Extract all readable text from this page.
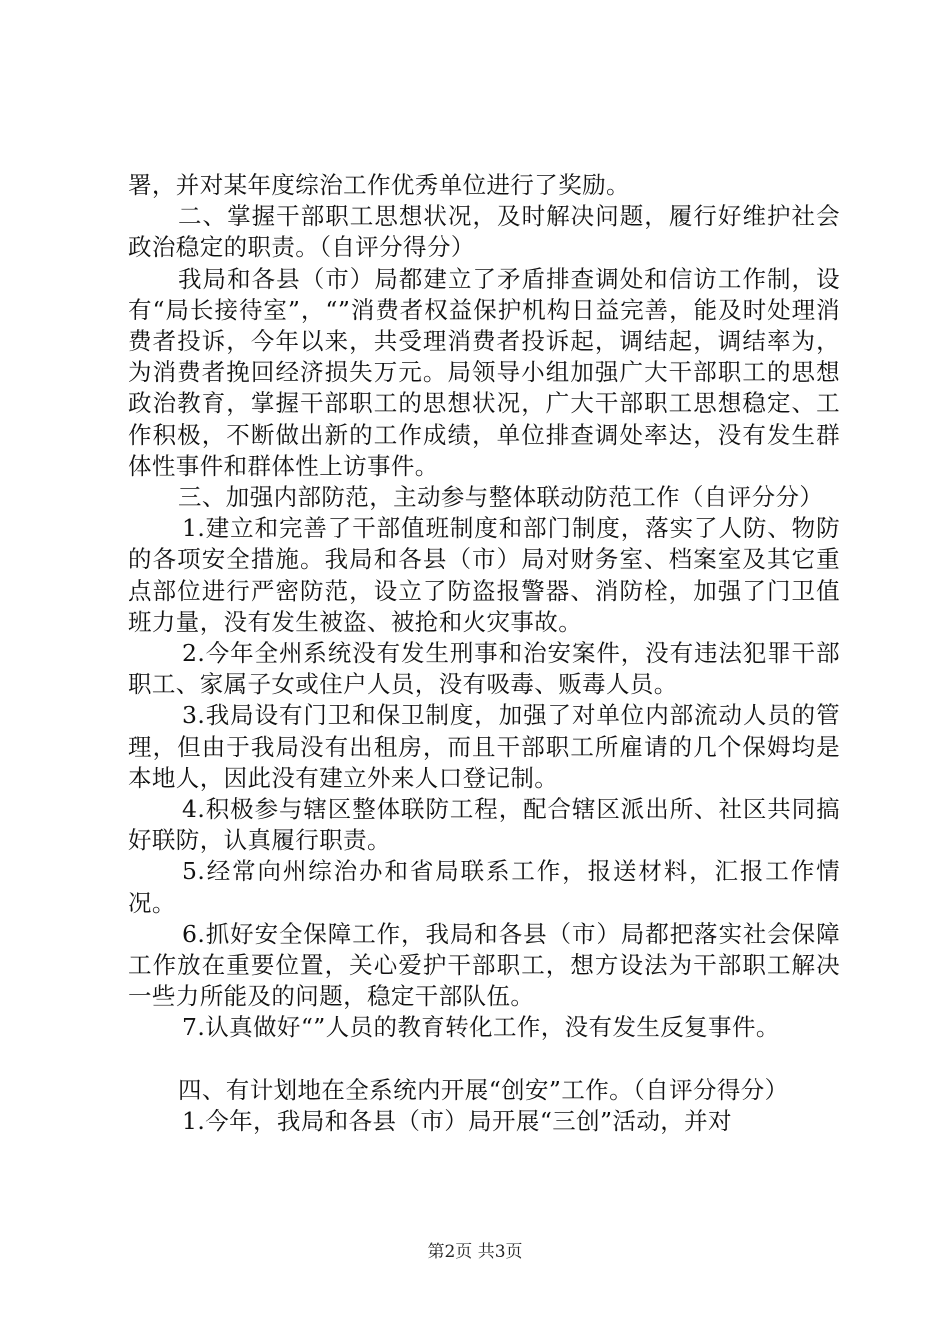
署，并对某年度综治工作优秀单位进行了奖励。

二、掌握干部职工思想状况，及时解决问题，履行好维护社会政治稳定的职责。（自评分得分）

我局和各县（市）局都建立了矛盾排查调处和信访工作制，设有“局长接待室”，“”消费者权益保护机构日益完善，能及时处理消费者投诉，今年以来，共受理消费者投诉起，调结起，调结率为，为消费者挽回经济损失万元。局领导小组加强广大干部职工的思想政治教育，掌握干部职工的思想状况，广大干部职工思想稳定、工作积极，不断做出新的工作成绩，单位排查调处率达，没有发生群体性事件和群体性上访事件。

三、加强内部防范，主动参与整体联动防范工作（自评分分）

1.建立和完善了干部值班制度和部门制度，落实了人防、物防的各项安全措施。我局和各县（市）局对财务室、档案室及其它重点部位进行严密防范，设立了防盗报警器、消防栓，加强了门卫值班力量，没有发生被盗、被抢和火灾事故。

2.今年全州系统没有发生刑事和治安案件，没有违法犯罪干部职工、家属子女或住户人员，没有吸毒、贩毒人员。

3.我局设有门卫和保卫制度，加强了对单位内部流动人员的管理，但由于我局没有出租房，而且干部职工所雇请的几个保姆均是本地人，因此没有建立外来人口登记制。

4.积极参与辖区整体联防工程，配合辖区派出所、社区共同搞好联防，认真履行职责。

5.经常向州综治办和省局联系工作，报送材料，汇报工作情况。

6.抓好安全保障工作，我局和各县（市）局都把落实社会保障工作放在重要位置，关心爱护干部职工，想方设法为干部职工解决一些力所能及的问题，稳定干部队伍。

7.认真做好“”人员的教育转化工作，没有发生反复事件。

四、有计划地在全系统内开展“创安”工作。（自评分得分）

1.今年，我局和各县（市）局开展“三创”活动，并对

第2页 共3页
